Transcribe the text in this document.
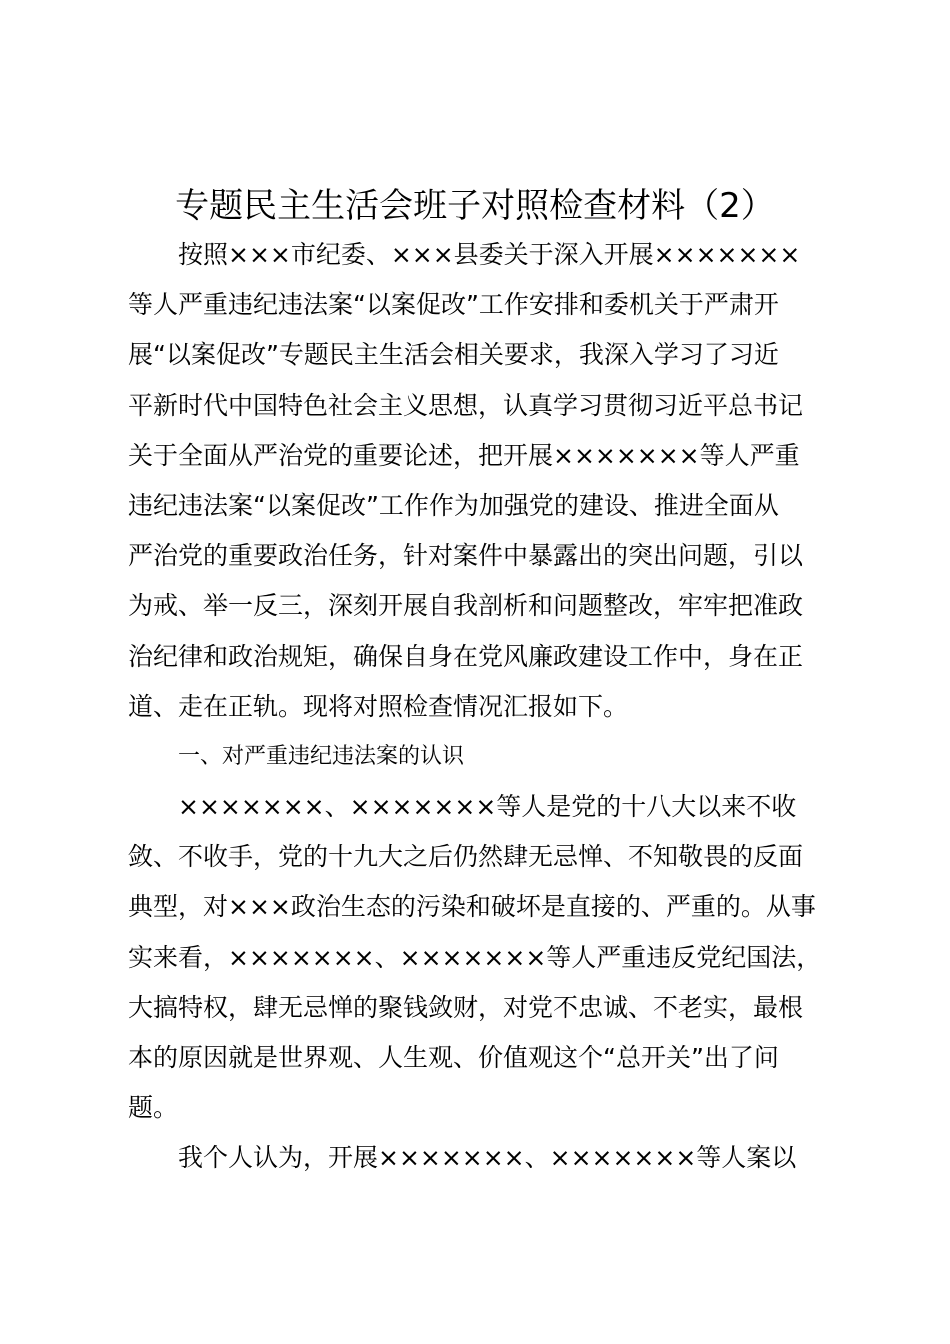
专题民主生活会班子对照检查材料（2）
按照×××市纪委、×××县委关于深入开展×××××××
等人严重违纪违法案“以案促改”工作安排和委机关于严肃开
展“以案促改”专题民主生活会相关要求，我深入学习了习近
平新时代中国特色社会主义思想，认真学习贯彻习近平总书记
关于全面从严治党的重要论述，把开展×××××××等人严重
违纪违法案“以案促改”工作作为加强党的建设、推进全面从
严治党的重要政治任务，针对案件中暴露出的突出问题，引以
为戒、举一反三，深刻开展自我剖析和问题整改，牢牢把准政
治纪律和政治规矩，确保自身在党风廉政建设工作中，身在正
道、走在正轨。现将对照检查情况汇报如下。
一、对严重违纪违法案的认识
×××××××、×××××××等人是党的十八大以来不收
敛、不收手，党的十九大之后仍然肆无忌惮、不知敬畏的反面
典型，对×××政治生态的污染和破坏是直接的、严重的。从事
实来看，×××××××、×××××××等人严重违反党纪国法，
大搞特权，肆无忌惮的聚钱敛财，对党不忠诚、不老实，最根
本的原因就是世界观、人生观、价值观这个“总开关”出了问
题。
我个人认为，开展×××××××、×××××××等人案以
